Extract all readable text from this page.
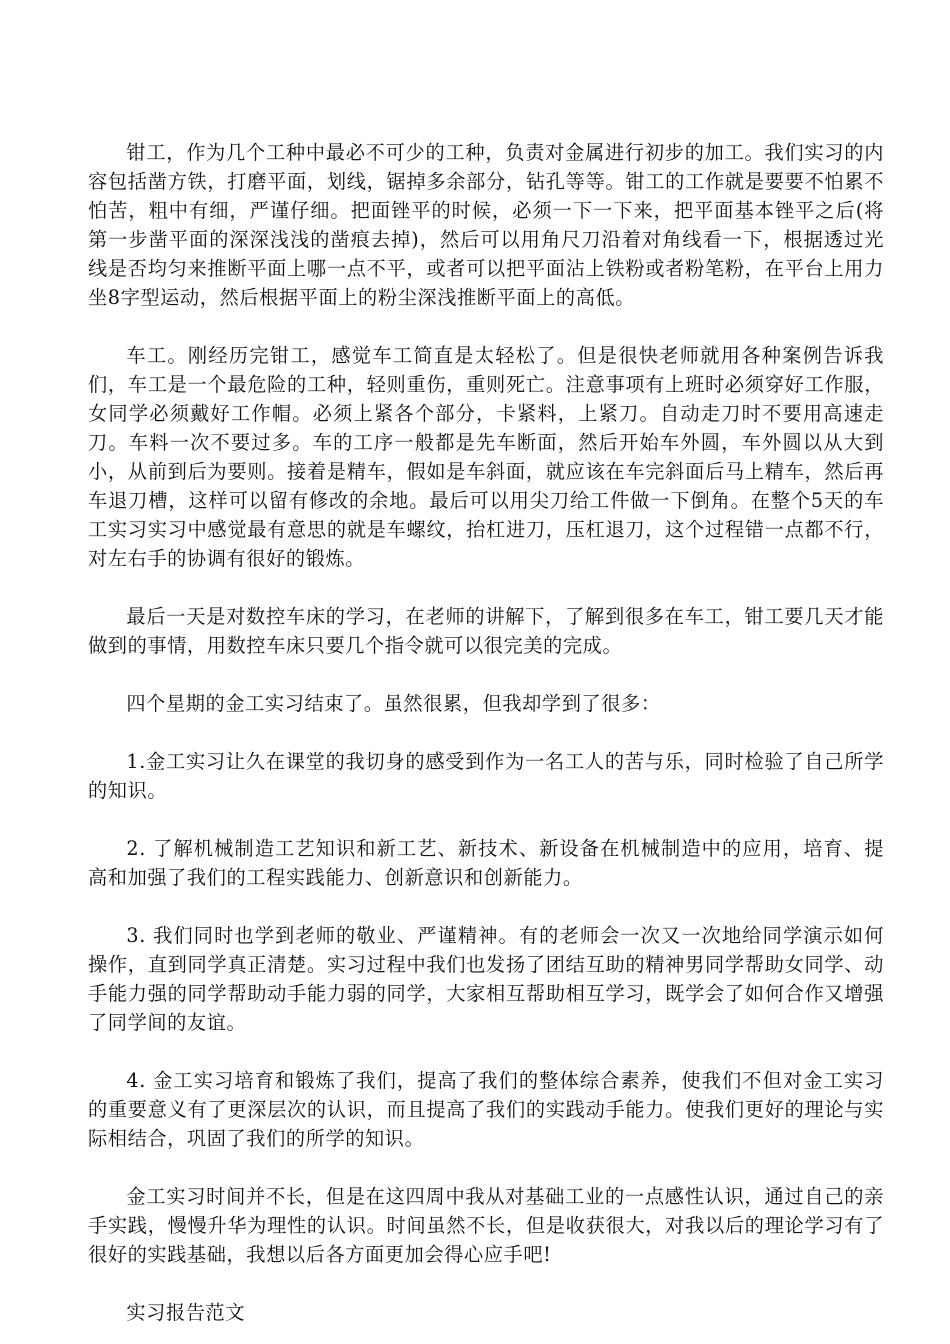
钳工，作为几个工种中最必不可少的工种，负责对金属进行初步的加工。我们实习的内容包括凿方铁，打磨平面，划线，锯掉多余部分，钻孔等等。钳工的工作就是要要不怕累不怕苦，粗中有细，严谨仔细。把面锉平的时候，必须一下一下来，把平面基本锉平之后(将第一步凿平面的深深浅浅的凿痕去掉)，然后可以用角尺刀沿着对角线看一下，根据透过光线是否均匀来推断平面上哪一点不平，或者可以把平面沾上铁粉或者粉笔粉，在平台上用力坐8字型运动，然后根据平面上的粉尘深浅推断平面上的高低。

车工。刚经历完钳工，感觉车工简直是太轻松了。但是很快老师就用各种案例告诉我们，车工是一个最危险的工种，轻则重伤，重则死亡。注意事项有上班时必须穿好工作服，女同学必须戴好工作帽。必须上紧各个部分，卡紧料，上紧刀。自动走刀时不要用高速走刀。车料一次不要过多。车的工序一般都是先车断面，然后开始车外圆，车外圆以从大到小，从前到后为要则。接着是精车，假如是车斜面，就应该在车完斜面后马上精车，然后再车退刀槽，这样可以留有修改的余地。最后可以用尖刀给工件做一下倒角。在整个5天的车工实习实习中感觉最有意思的就是车螺纹，抬杠进刀，压杠退刀，这个过程错一点都不行，对左右手的协调有很好的锻炼。

最后一天是对数控车床的学习，在老师的讲解下，了解到很多在车工，钳工要几天才能做到的事情，用数控车床只要几个指令就可以很完美的完成。

四个星期的金工实习结束了。虽然很累，但我却学到了很多：

1.金工实习让久在课堂的我切身的感受到作为一名工人的苦与乐，同时检验了自己所学的知识。

2. 了解机械制造工艺知识和新工艺、新技术、新设备在机械制造中的应用，培育、提高和加强了我们的工程实践能力、创新意识和创新能力。

3. 我们同时也学到老师的敬业、严谨精神。有的老师会一次又一次地给同学演示如何操作，直到同学真正清楚。实习过程中我们也发扬了团结互助的精神男同学帮助女同学、动手能力强的同学帮助动手能力弱的同学，大家相互帮助相互学习，既学会了如何合作又增强了同学间的友谊。

4. 金工实习培育和锻炼了我们，提高了我们的整体综合素养，使我们不但对金工实习的重要意义有了更深层次的认识，而且提高了我们的实践动手能力。使我们更好的理论与实际相结合，巩固了我们的所学的知识。

金工实习时间并不长，但是在这四周中我从对基础工业的一点感性认识，通过自己的亲手实践，慢慢升华为理性的认识。时间虽然不长，但是收获很大，对我以后的理论学习有了很好的实践基础，我想以后各方面更加会得心应手吧!

实习报告范文
